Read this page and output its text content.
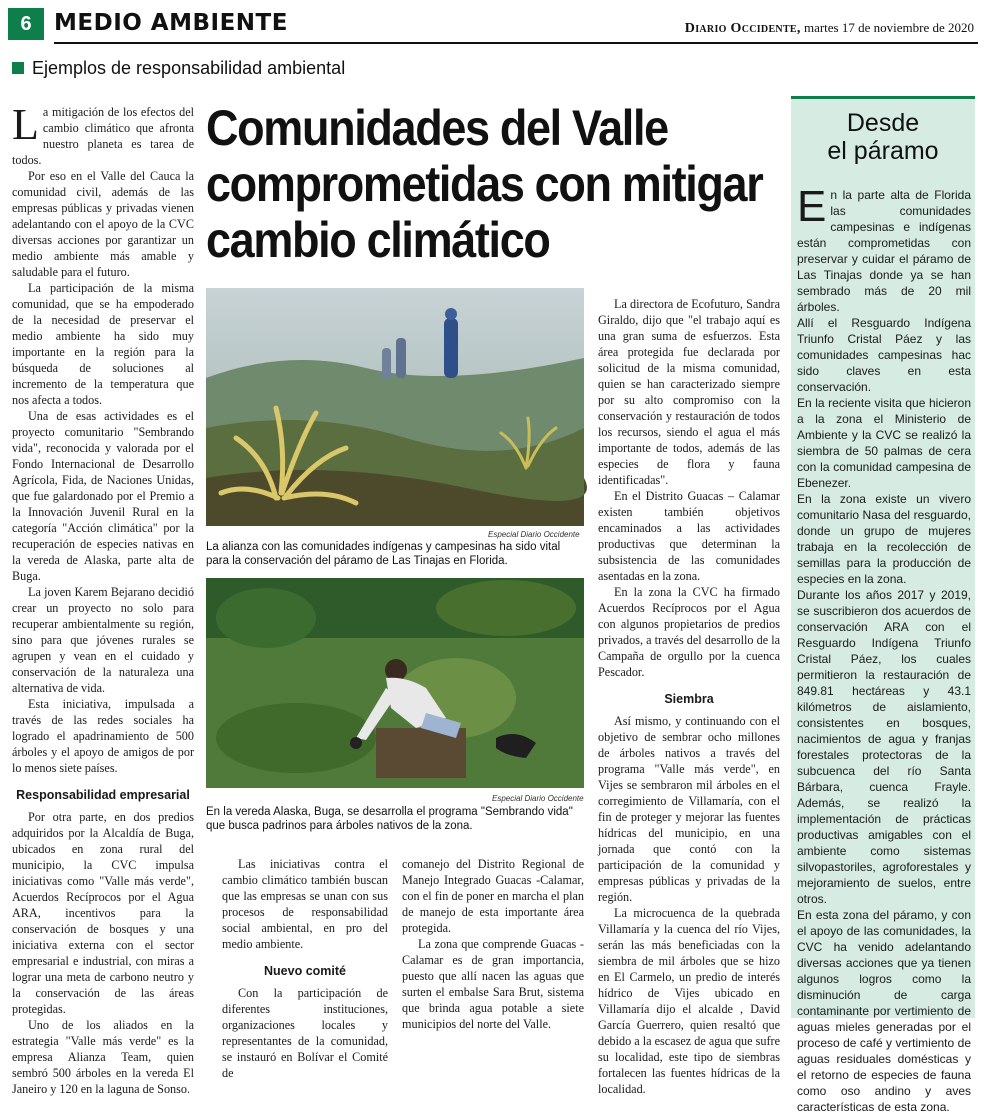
6 MEDIO AMBIENTE	Diario Occidente, martes 17 de noviembre de 2020
Ejemplos de responsabilidad ambiental

La mitigación de los efectos del cambio climático que afronta nuestro planeta es tarea de todos.

Por eso en el Valle del Cauca la comunidad civil, además de las empresas públicas y privadas vienen adelantando con el apoyo de la CVC diversas acciones por garantizar un medio ambiente más amable y saludable para el futuro.

La participación de la misma comunidad, que se ha empoderado de la necesidad de preservar el medio ambiente ha sido muy importante en la región para la búsqueda de soluciones al incremento de la temperatura que nos afecta a todos.

Una de esas actividades es el proyecto comunitario "Sembrando vida", reconocida y valorada por el Fondo Internacional de Desarrollo Agrícola, Fida, de Naciones Unidas, que fue galardonado por el Premio a la Innovación Juvenil Rural en la categoría "Acción climática" por la recuperación de especies nativas en la vereda de Alaska, parte alta de Buga.

La joven Karem Bejarano decidió crear un proyecto no solo para recuperar ambientalmente su región, sino para que jóvenes rurales se agrupen y vean en el cuidado y conservación de la naturaleza una alternativa de vida.

Esta iniciativa, impulsada a través de las redes sociales ha logrado el apadrinamiento de 500 árboles y el apoyo de amigos de por lo menos siete países.

Responsabilidad empresarial

Por otra parte, en dos predios adquiridos por la Alcaldía de Buga, ubicados en zona rural del municipio, la CVC impulsa iniciativas como "Valle más verde", Acuerdos Recíprocos por el Agua ARA, incentivos para la conservación de bosques y una iniciativa externa con el sector empresarial e industrial, con miras a lograr una meta de carbono neutro y la conservación de las áreas protegidas.

Uno de los aliados en la estrategia "Valle más verde" es la empresa Alianza Team, quien sembró 500 árboles en la vereda El Janeiro y 120 en la laguna de Sonso.

Comunidades del Valle comprometidas con mitigar cambio climático
Especial Diario Occidente
La alianza con las comunidades indígenas y campesinas ha sido vital para la conservación del páramo de Las Tinajas en Florida.
Especial Diario Occidente
En la vereda Alaska, Buga, se desarrolla el programa "Sembrando vida" que busca padrinos para árboles nativos de la zona.

Las iniciativas contra el cambio climático también buscan que las empresas se unan con sus procesos de responsabilidad social ambiental, en pro del medio ambiente.

Nuevo comité

Con la participación de diferentes instituciones, organizaciones locales y representantes de la comunidad, se instauró en Bolívar el Comité de

comanejo del Distrito Regional de Manejo Integrado Guacas -Calamar, con el fin de poner en marcha el plan de manejo de esta importante área protegida.

La zona que comprende Guacas - Calamar es de gran importancia, puesto que allí nacen las aguas que surten el embalse Sara Brut, sistema que brinda agua potable a siete municipios del norte del Valle.

La directora de Ecofuturo, Sandra Giraldo, dijo que "el trabajo aquí es una gran suma de esfuerzos. Esta área protegida fue declarada por solicitud de la misma comunidad, quien se han caracterizado siempre por su alto compromiso con la conservación y restauración de todos los recursos, siendo el agua el más importante de todos, además de las especies de flora y fauna identificadas".

En el Distrito Guacas – Calamar existen también objetivos encaminados a las actividades productivas que determinan la subsistencia de las comunidades asentadas en la zona.

En la zona la CVC ha firmado Acuerdos Recíprocos por el Agua con algunos propietarios de predios privados, a través del desarrollo de la Campaña de orgullo por la cuenca Pescador.

Siembra

Así mismo, y continuando con el objetivo de sembrar ocho millones de árboles nativos a través del programa "Valle más verde", en Vijes se sembraron mil árboles en el corregimiento de Villamaría, con el fin de proteger y mejorar las fuentes hídricas del municipio, en una jornada que contó con la participación de la comunidad y empresas públicas y privadas de la región.

La microcuenca de la quebrada Villamaría y la cuenca del río Vijes, serán las más beneficiadas con la siembra de mil árboles que se hizo en El Carmelo, un predio de interés hídrico de Vijes ubicado en Villamaría dijo el alcalde , David García Guerrero, quien resaltó que debido a la escasez de agua que sufre su localidad, este tipo de siembras fortalecen las fuentes hídricas de la localidad.

Desde
el páramo

En la parte alta de Florida las comunidades campesinas e indígenas están comprometidas con preservar y cuidar el páramo de Las Tinajas donde ya se han sembrado más de 20 mil árboles.

Allí el Resguardo Indígena Triunfo Cristal Páez y las comunidades campesinas hac sido claves en esta conservación.

En la reciente visita que hicieron a la zona el Ministerio de Ambiente y la CVC se realizó la siembra de 50 palmas de cera con la comunidad campesina de Ebenezer.

En la zona existe un vivero comunitario Nasa del resguardo, donde un grupo de mujeres trabaja en la recolección de semillas para la producción de especies en la zona.

Durante los años 2017 y 2019, se suscribieron dos acuerdos de conservación ARA con el Resguardo Indígena Triunfo Cristal Páez, los cuales permitieron la restauración de 849.81 hectáreas y 43.1 kilómetros de aislamiento, consistentes en bosques, nacimientos de agua y franjas forestales protectoras de la subcuenca del río Santa Bárbara, cuenca Frayle. Además, se realizó la implementación de prácticas productivas amigables con el ambiente como sistemas silvopastoriles, agroforestales y mejoramiento de suelos, entre otros.

En esta zona del páramo, y con el apoyo de las comunidades, la CVC ha venido adelantando diversas acciones que ya tienen algunos logros como la disminución de carga contaminante por vertimiento de aguas mieles generadas por el proceso de café y vertimiento de aguas residuales domésticas y el retorno de especies de fauna como oso andino y aves características de esta zona.
